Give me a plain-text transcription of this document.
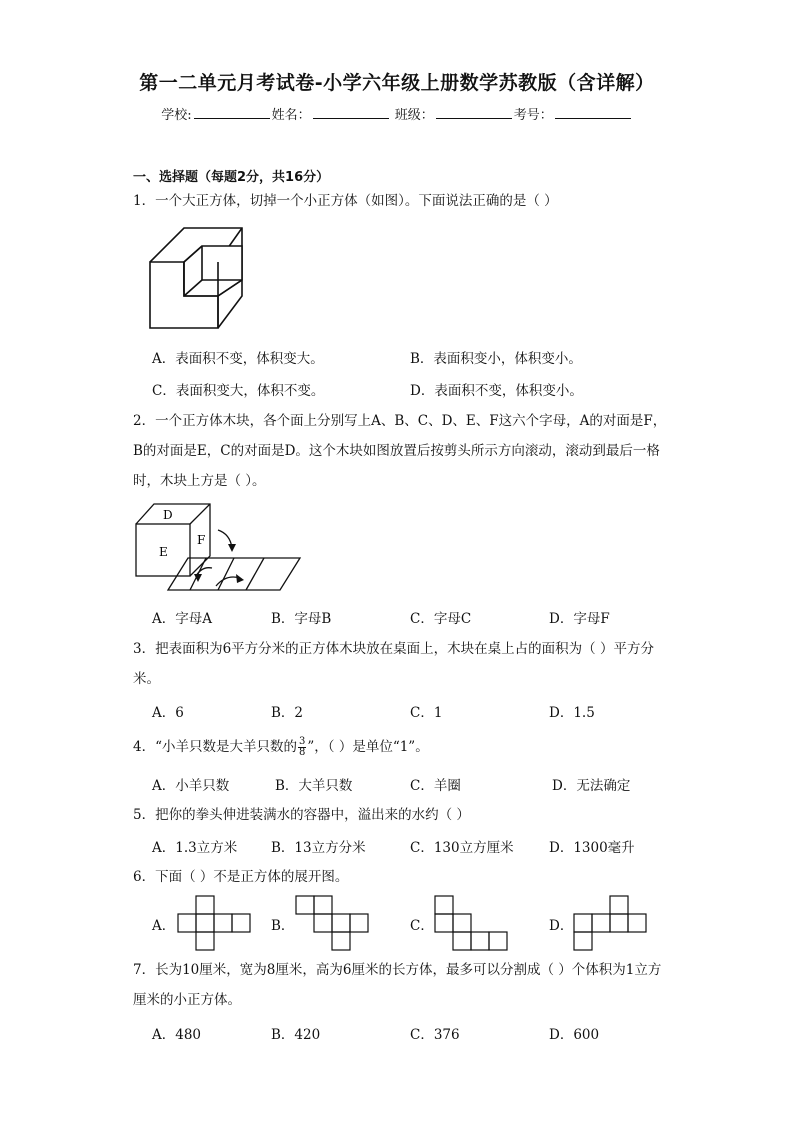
第一二单元月考试卷-小学六年级上册数学苏教版（含详解）
学校:	姓名：	班级：	考号：
一、选择题（每题2分，共16分）
1．一个大正方体，切掉一个小正方体（如图）。下面说法正确的是（ ）
A．表面积不变，体积变大。	B．表面积变小，体积变小。
C．表面积变大，体积不变。	D．表面积不变，体积变小。
2．一个正方体木块，各个面上分别写上A、B、C、D、E、F这六个字母，A的对面是F，B的对面是E，C的对面是D。这个木块如图放置后按剪头所示方向滚动，滚动到最后一格时，木块上方是（ ）。
D
E
F
A．字母A	B．字母B	C．字母C	D．字母F
3．把表面积为6平方分米的正方体木块放在桌面上，木块在桌上占的面积为（ ）平方分米。
A．6	B．2	C．1	D．1.5
4．“小羊只数是大羊只数的 $\frac{3}{8}$ ”，（ ）是单位“1”。
A．小羊只数	B．大羊只数	C．羊圈	D．无法确定
5．把你的拳头伸进装满水的容器中，溢出来的水约（ ）
A．1.3立方米	B．13立方分米	C．130立方厘米	D．1300毫升
6．下面（ ）不是正方体的展开图。
A．	B．	C．	D．
7．长为10厘米，宽为8厘米，高为6厘米的长方体，最多可以分割成（ ）个体积为1立方厘米的小正方体。
A．480	B．420	C．376	D．600
